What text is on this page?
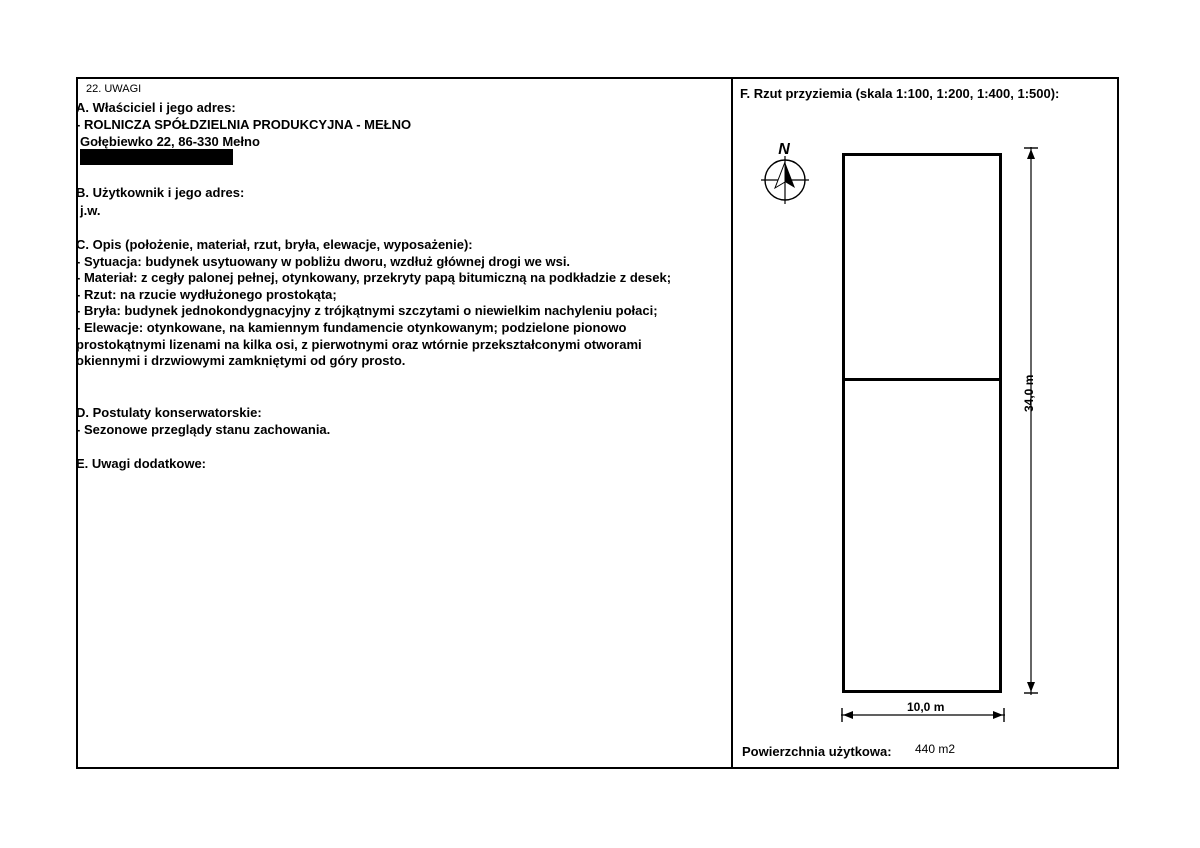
22. UWAGI
A. Właściciel i jego adres:
- ROLNICZA SPÓŁDZIELNIA PRODUKCYJNA - MEŁNO
Gołębiewko 22, 86-330 Mełno
B. Użytkownik i jego adres:
j.w.
C. Opis (położenie, materiał, rzut, bryła, elewacje, wyposażenie):
- Sytuacja: budynek usytuowany w pobliżu dworu, wzdłuż głównej drogi we wsi.
- Materiał: z cegły palonej pełnej, otynkowany, przekryty papą bitumiczną na podkładzie z desek;
- Rzut: na rzucie wydłużonego prostokąta;
- Bryła: budynek jednokondygnacyjny z trójkątnymi szczytami o niewielkim nachyleniu połaci;
- Elewacje: otynkowane, na kamiennym fundamencie otynkowanym; podzielone pionowo
prostokątnymi lizenami na kilka osi, z pierwotnymi oraz wtórnie przekształconymi otworami
okiennymi i drzwiowymi zamkniętymi od góry prosto.
D. Postulaty konserwatorskie:
- Sezonowe przeglądy stanu zachowania.
E. Uwagi dodatkowe:
F. Rzut przyziemia (skala 1:100, 1:200, 1:400, 1:500):
N
34,0 m
10,0 m
Powierzchnia użytkowa: 440 m2
